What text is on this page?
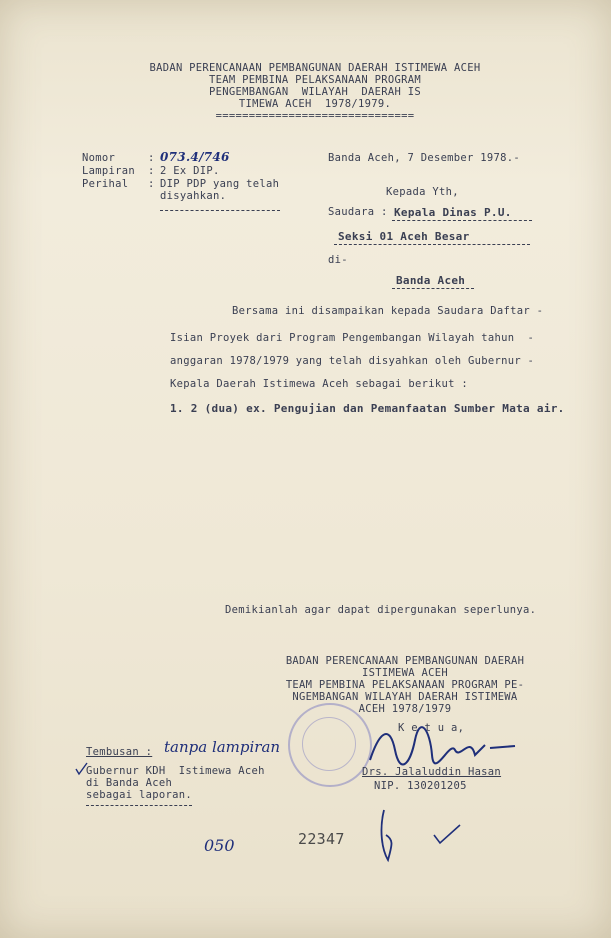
BADAN PERENCANAAN PEMBANGUNAN DAERAH ISTIMEWA ACEH
TEAM PEMBINA PELAKSANAAN PROGRAM
PENGEMBANGAN  WILAYAH  DAERAH IS
TIMEWA ACEH  1978/1979.
==============================
Nomor	: 073.4/746
Lampiran : 2 Ex DIP.
Perihal : DIP PDP yang telah
disyahkan.
Banda Aceh, 7 Desember 1978.-
Kepada Yth,
Saudara : Kepala Dinas P.U.
Seksi 01 Aceh Besar
di-
Banda Aceh
Bersama ini disampaikan kepada Saudara Daftar -
Isian Proyek dari Program Pengembangan Wilayah tahun  -
anggaran 1978/1979 yang telah disyahkan oleh Gubernur -
Kepala Daerah Istimewa Aceh sebagai berikut :
1. 2 (dua) ex. Pengujian dan Pemanfaatan Sumber Mata air.
Demikianlah agar dapat dipergunakan seperlunya.
BADAN PERENCANAAN PEMBANGUNAN DAERAH
ISTIMEWA ACEH
TEAM PEMBINA PELAKSANAAN PROGRAM PE-
NGEMBANGAN WILAYAH DAERAH ISTIMEWA
ACEH 1978/1979
K e t u a,
Drs. Jalaluddin Hasan
NIP. 130201205
Tembusan : tanpa lampiran
Gubernur KDH  Istimewa Aceh
di Banda Aceh
sebagai laporan.
050	22347
